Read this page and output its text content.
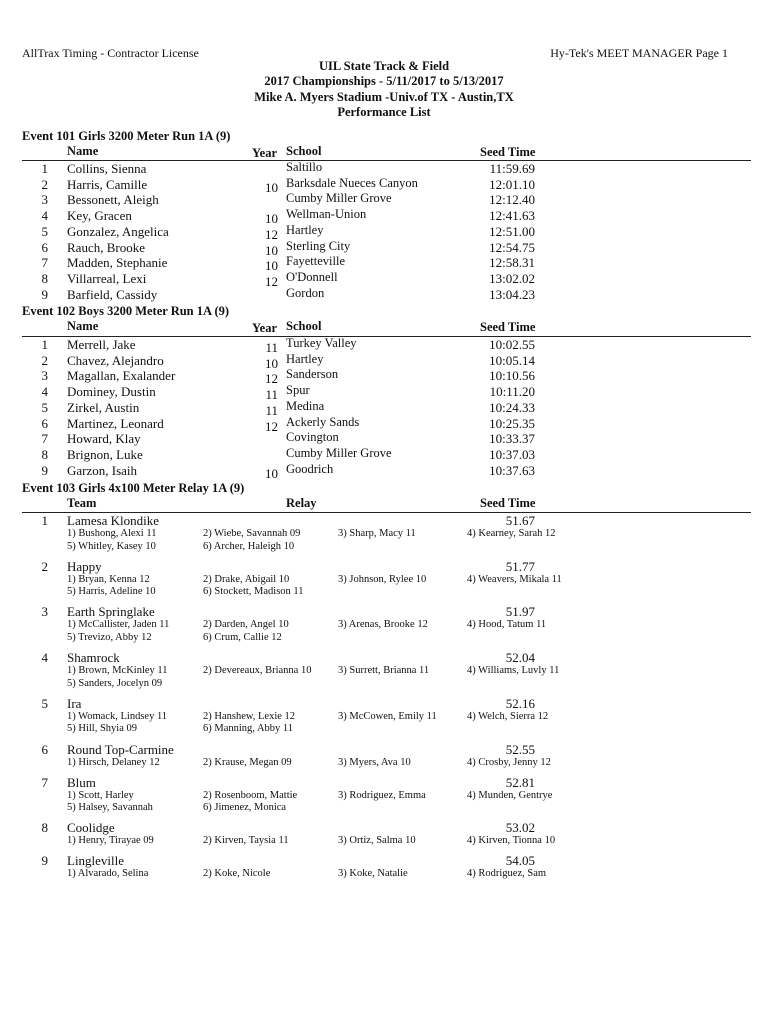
AllTrax Timing - Contractor License	Hy-Tek's MEET MANAGER Page 1
UIL State Track & Field
2017 Championships - 5/11/2017 to 5/13/2017
Mike A. Myers Stadium -Univ.of TX - Austin,TX
Performance List
Event 101 Girls 3200 Meter Run 1A (9)
Name	Year School	Seed Time
1 Collins, Sienna	Saltillo	11:59.69
2 Harris, Camille	10 Barksdale Nueces Canyon	12:01.10
3 Bessonett, Aleigh	Cumby Miller Grove	12:12.40
4 Key, Gracen	10 Wellman-Union	12:41.63
5 Gonzalez, Angelica	12 Hartley	12:51.00
6 Rauch, Brooke	10 Sterling City	12:54.75
7 Madden, Stephanie	10 Fayetteville	12:58.31
8 Villarreal, Lexi	12 O'Donnell	13:02.02
9 Barfield, Cassidy	Gordon	13:04.23
Event 102 Boys 3200 Meter Run 1A (9)
Name	Year School	Seed Time
1 Merrell, Jake	11 Turkey Valley	10:02.55
2 Chavez, Alejandro	10 Hartley	10:05.14
3 Magallan, Exalander	12 Sanderson	10:10.56
4 Dominey, Dustin	11 Spur	10:11.20
5 Zirkel, Austin	11 Medina	10:24.33
6 Martinez, Leonard	12 Ackerly Sands	10:25.35
7 Howard, Klay	Covington	10:33.37
8 Brignon, Luke	Cumby Miller Grove	10:37.03
9 Garzon, Isaih	10 Goodrich	10:37.63
Event 103 Girls 4x100 Meter Relay 1A (9)
Team	Relay	Seed Time
1 Lamesa Klondike	51.67
1) Bushong, Alexi 11	2) Wiebe, Savannah 09	3) Sharp, Macy 11	4) Kearney, Sarah 12
5) Whitley, Kasey 10	6) Archer, Haleigh 10
2 Happy	51.77
1) Bryan, Kenna 12	2) Drake, Abigail 10	3) Johnson, Rylee 10	4) Weavers, Mikala 11
5) Harris, Adeline 10	6) Stockett, Madison 11
3 Earth Springlake	51.97
1) McCallister, Jaden 11	2) Darden, Angel 10	3) Arenas, Brooke 12	4) Hood, Tatum 11
5) Trevizo, Abby 12	6) Crum, Callie 12
4 Shamrock	52.04
1) Brown, McKinley 11	2) Devereaux, Brianna 10	3) Surrett, Brianna 11	4) Williams, Luvly 11
5) Sanders, Jocelyn 09
5 Ira	52.16
1) Womack, Lindsey 11	2) Hanshew, Lexie 12	3) McCowen, Emily 11	4) Welch, Sierra 12
5) Hill, Shyia 09	6) Manning, Abby 11
6 Round Top-Carmine	52.55
1) Hirsch, Delaney 12	2) Krause, Megan 09	3) Myers, Ava 10	4) Crosby, Jenny 12
7 Blum	52.81
1) Scott, Harley	2) Rosenboom, Mattie	3) Rodriguez, Emma	4) Munden, Gentrye
5) Halsey, Savannah	6) Jimenez, Monica
8 Coolidge	53.02
1) Henry, Tirayae 09	2) Kirven, Taysia 11	3) Ortiz, Salma 10	4) Kirven, Tionna 10
9 Lingleville	54.05
1) Alvarado, Selina	2) Koke, Nicole	3) Koke, Natalie	4) Rodriguez, Sam
